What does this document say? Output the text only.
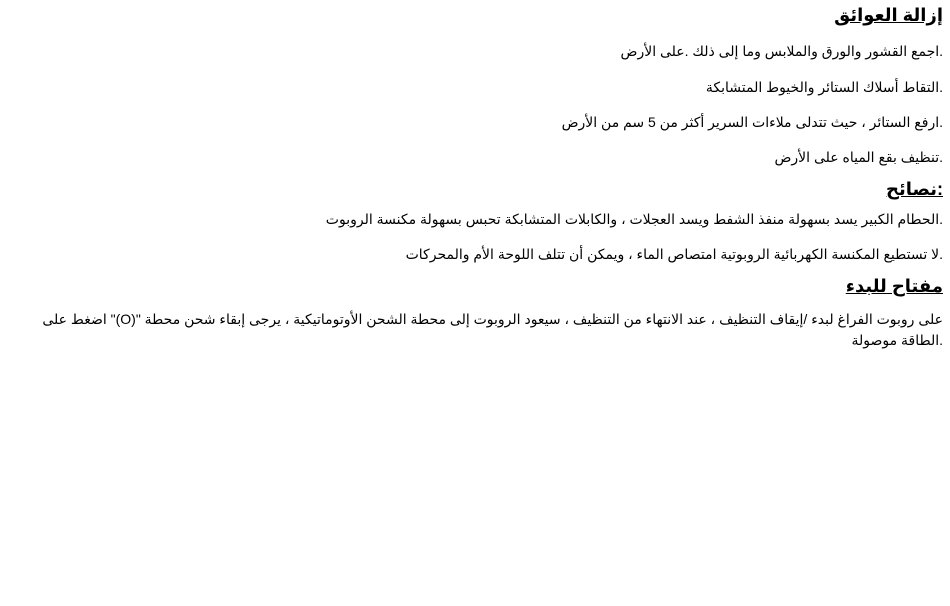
إزالة العوائق

.اجمع القشور والورق والملابس وما إلى ذلك .على الأرض

.التقاط أسلاك الستائر والخيوط المتشابكة

.ارفع الستائر ، حيث تتدلى ملاءات السرير أكثر من 5 سم من الأرض

.تنظيف بقع المياه على الأرض

:نصائح

.الحطام الكبير يسد بسهولة منفذ الشفط ويسد العجلات ، والكابلات المتشابكة تحبس بسهولة مكنسة الروبوت

.لا تستطيع المكنسة الكهربائية الروبوتية امتصاص الماء ، ويمكن أن تتلف اللوحة الأم والمحركات

مفتاح للبدء

على روبوت الفراغ لبدء /إيقاف التنظيف ، عند الانتهاء من التنظيف ، سيعود الروبوت إلى محطة الشحن الأوتوماتيكية ، يرجى إبقاء شحن محطة "(O)" اضغط على .الطاقة موصولة
